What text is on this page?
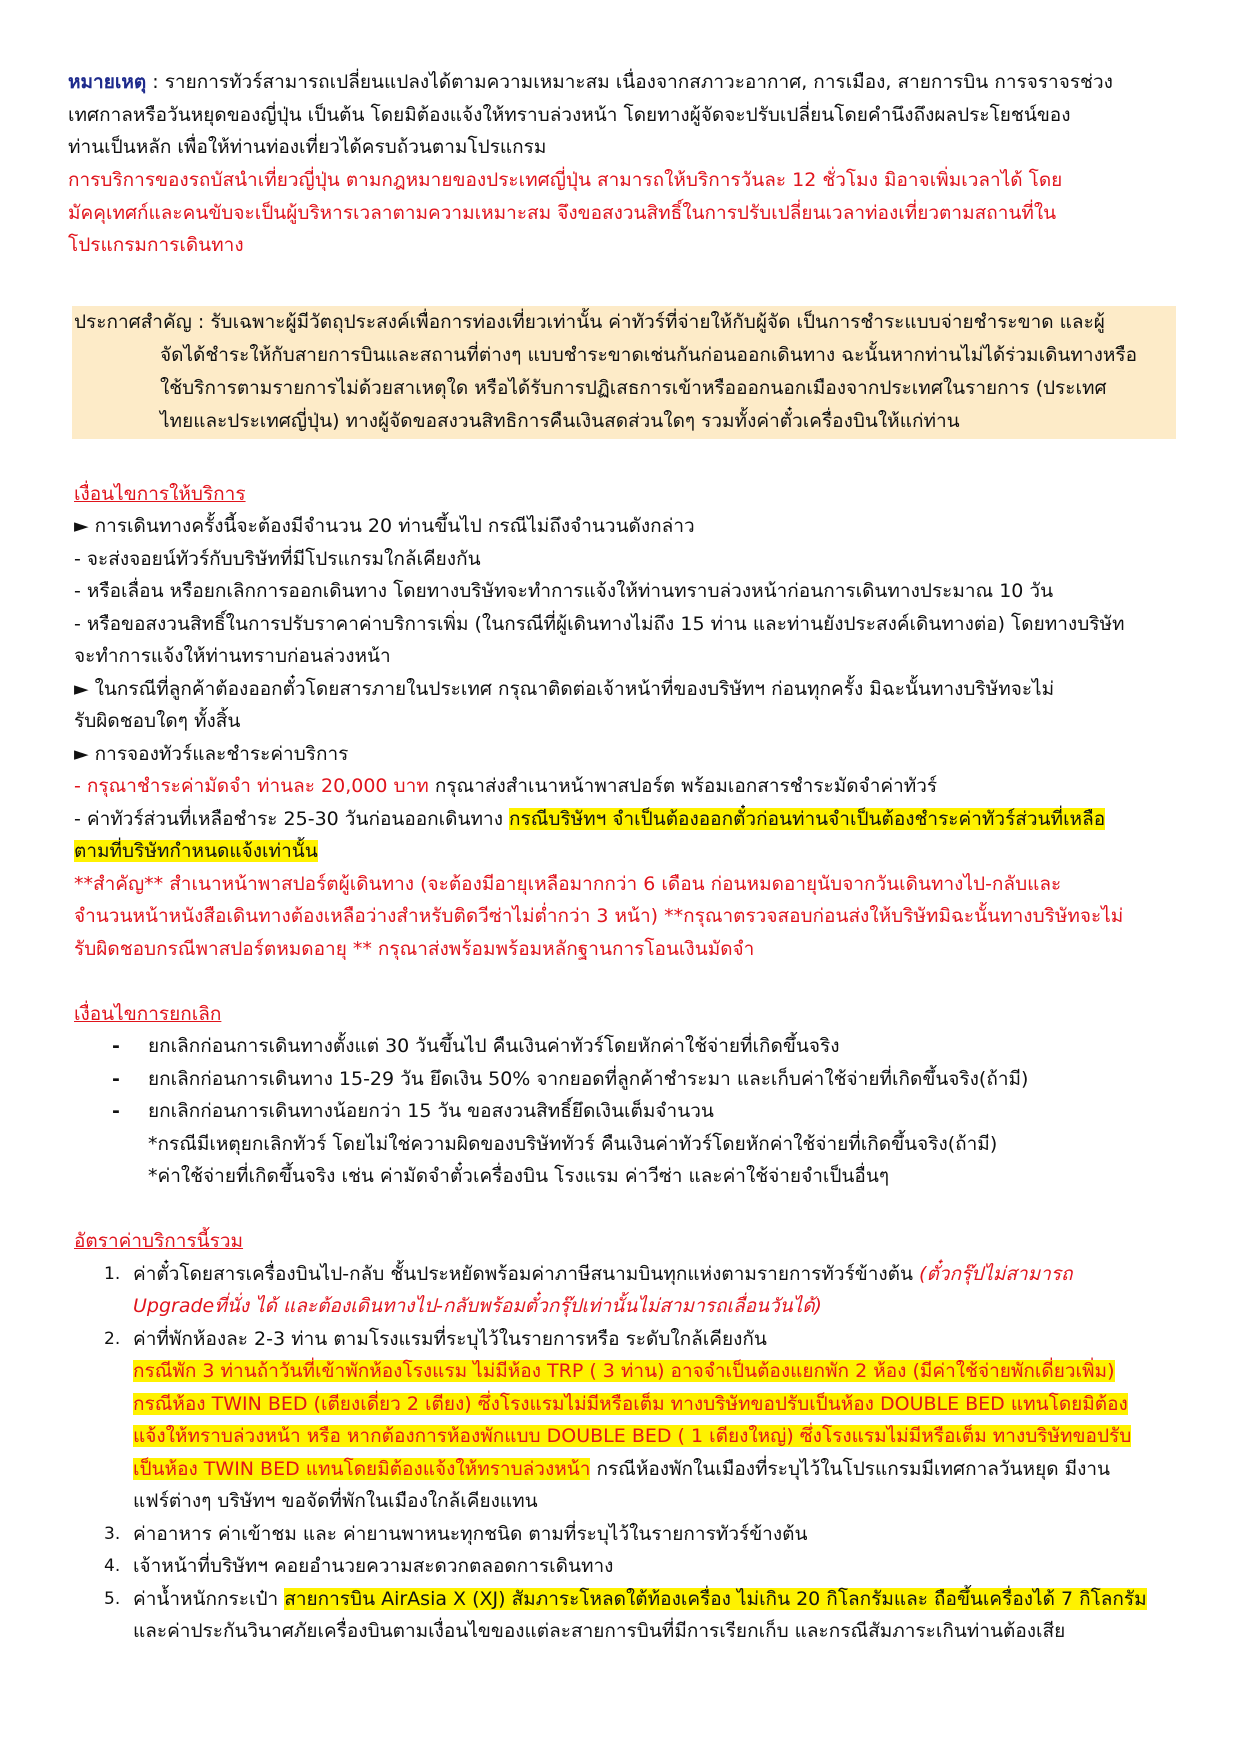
หมายเหตุ : รายการทัวร์สามารถเปลี่ยนแปลงได้ตามความเหมาะสม เนื่องจากสภาวะอากาศ, การเมือง, สายการบิน การจราจรช่วง
เทศกาลหรือวันหยุดของญี่ปุ่น เป็นต้น โดยมิต้องแจ้งให้ทราบล่วงหน้า โดยทางผู้จัดจะปรับเปลี่ยนโดยคำนึงถึงผลประโยชน์ของ
ท่านเป็นหลัก เพื่อให้ท่านท่องเที่ยวได้ครบถ้วนตามโปรแกรม
การบริการของรถบัสนำเที่ยวญี่ปุ่น ตามกฎหมายของประเทศญี่ปุ่น สามารถให้บริการวันละ 12 ชั่วโมง มิอาจเพิ่มเวลาได้ โดย
มัคคุเทศก์และคนขับจะเป็นผู้บริหารเวลาตามความเหมาะสม จึงขอสงวนสิทธิ์ในการปรับเปลี่ยนเวลาท่องเที่ยวตามสถานที่ใน
โปรแกรมการเดินทาง
ประกาศสำคัญ : รับเฉพาะผู้มีวัตถุประสงค์เพื่อการท่องเที่ยวเท่านั้น ค่าทัวร์ที่จ่ายให้กับผู้จัด เป็นการชำระแบบจ่ายชำระขาด และผู้
จัดได้ชำระให้กับสายการบินและสถานที่ต่างๆ แบบชำระขาดเช่นกันก่อนออกเดินทาง ฉะนั้นหากท่านไม่ได้ร่วมเดินทางหรือ
ใช้บริการตามรายการไม่ด้วยสาเหตุใด หรือได้รับการปฏิเสธการเข้าหรือออกนอกเมืองจากประเทศในรายการ (ประเทศ
ไทยและประเทศญี่ปุ่น) ทางผู้จัดขอสงวนสิทธิการคืนเงินสดส่วนใดๆ รวมทั้งค่าตั๋วเครื่องบินให้แก่ท่าน
เงื่อนไขการให้บริการ
► การเดินทางครั้งนี้จะต้องมีจำนวน 20 ท่านขึ้นไป กรณีไม่ถึงจำนวนดังกล่าว
- จะส่งจอยน์ทัวร์กับบริษัทที่มีโปรแกรมใกล้เคียงกัน
- หรือเลื่อน หรือยกเลิกการออกเดินทาง โดยทางบริษัทจะทำการแจ้งให้ท่านทราบล่วงหน้าก่อนการเดินทางประมาณ 10 วัน
- หรือขอสงวนสิทธิ์ในการปรับราคาค่าบริการเพิ่ม (ในกรณีที่ผู้เดินทางไม่ถึง 15 ท่าน และท่านยังประสงค์เดินทางต่อ) โดยทางบริษัท
จะทำการแจ้งให้ท่านทราบก่อนล่วงหน้า
► ในกรณีที่ลูกค้าต้องออกตั๋วโดยสารภายในประเทศ กรุณาติดต่อเจ้าหน้าที่ของบริษัทฯ ก่อนทุกครั้ง มิฉะนั้นทางบริษัทจะไม่
รับผิดชอบใดๆ ทั้งสิ้น
► การจองทัวร์และชำระค่าบริการ
- กรุณาชำระค่ามัดจำ ท่านละ 20,000 บาท กรุณาส่งสำเนาหน้าพาสปอร์ต พร้อมเอกสารชำระมัดจำค่าทัวร์
- ค่าทัวร์ส่วนที่เหลือชำระ 25-30 วันก่อนออกเดินทาง กรณีบริษัทฯ จำเป็นต้องออกตั๋วก่อนท่านจำเป็นต้องชำระค่าทัวร์ส่วนที่เหลือ
ตามที่บริษัทกำหนดแจ้งเท่านั้น
**สำคัญ** สำเนาหน้าพาสปอร์ตผู้เดินทาง (จะต้องมีอายุเหลือมากกว่า 6 เดือน ก่อนหมดอายุนับจากวันเดินทางไป-กลับและ
จำนวนหน้าหนังสือเดินทางต้องเหลือว่างสำหรับติดวีซ่าไม่ต่ำกว่า 3 หน้า) **กรุณาตรวจสอบก่อนส่งให้บริษัทมิฉะนั้นทางบริษัทจะไม่
รับผิดชอบกรณีพาสปอร์ตหมดอายุ ** กรุณาส่งพร้อมพร้อมหลักฐานการโอนเงินมัดจำ
เงื่อนไขการยกเลิก
- ยกเลิกก่อนการเดินทางตั้งแต่ 30 วันขึ้นไป คืนเงินค่าทัวร์โดยหักค่าใช้จ่ายที่เกิดขึ้นจริง
- ยกเลิกก่อนการเดินทาง 15-29 วัน ยึดเงิน 50% จากยอดที่ลูกค้าชำระมา และเก็บค่าใช้จ่ายที่เกิดขึ้นจริง(ถ้ามี)
- ยกเลิกก่อนการเดินทางน้อยกว่า 15 วัน ขอสงวนสิทธิ์ยึดเงินเต็มจำนวน
*กรณีมีเหตุยกเลิกทัวร์ โดยไม่ใช่ความผิดของบริษัททัวร์ คืนเงินค่าทัวร์โดยหักค่าใช้จ่ายที่เกิดขึ้นจริง(ถ้ามี)
*ค่าใช้จ่ายที่เกิดขึ้นจริง เช่น ค่ามัดจำตั๋วเครื่องบิน โรงแรม ค่าวีซ่า และค่าใช้จ่ายจำเป็นอื่นๆ
อัตราค่าบริการนี้รวม
1. ค่าตั๋วโดยสารเครื่องบินไป-กลับ ชั้นประหยัดพร้อมค่าภาษีสนามบินทุกแห่งตามรายการทัวร์ข้างต้น (ตั๋วกรุ๊ปไม่สามารถ
Upgradeที่นั่ง ได้ และต้องเดินทางไป-กลับพร้อมตั๋วกรุ๊ปเท่านั้นไม่สามารถเลื่อนวันได้)
2. ค่าที่พักห้องละ 2-3 ท่าน ตามโรงแรมที่ระบุไว้ในรายการหรือ ระดับใกล้เคียงกัน
กรณีพัก 3 ท่านถ้าวันที่เข้าพักห้องโรงแรม ไม่มีห้อง TRP ( 3 ท่าน) อาจจำเป็นต้องแยกพัก 2 ห้อง (มีค่าใช้จ่ายพักเดี่ยวเพิ่ม)
กรณีห้อง TWIN BED (เตียงเดี่ยว 2 เตียง) ซึ่งโรงแรมไม่มีหรือเต็ม ทางบริษัทขอปรับเป็นห้อง DOUBLE BED แทนโดยมิต้อง
แจ้งให้ทราบล่วงหน้า หรือ หากต้องการห้องพักแบบ DOUBLE BED ( 1 เตียงใหญ่) ซึ่งโรงแรมไม่มีหรือเต็ม ทางบริษัทขอปรับ
เป็นห้อง TWIN BED แทนโดยมิต้องแจ้งให้ทราบล่วงหน้า กรณีห้องพักในเมืองที่ระบุไว้ในโปรแกรมมีเทศกาลวันหยุด มีงาน
แฟร์ต่างๆ บริษัทฯ ขอจัดที่พักในเมืองใกล้เคียงแทน
3. ค่าอาหาร ค่าเข้าชม และ ค่ายานพาหนะทุกชนิด ตามที่ระบุไว้ในรายการทัวร์ข้างต้น
4. เจ้าหน้าที่บริษัทฯ คอยอำนวยความสะดวกตลอดการเดินทาง
5. ค่าน้ำหนักกระเป๋า สายการบิน AirAsia X (XJ) สัมภาระโหลดใต้ท้องเครื่อง ไม่เกิน 20 กิโลกรัมและ ถือขึ้นเครื่องได้ 7 กิโลกรัม
และค่าประกันวินาศภัยเครื่องบินตามเงื่อนไขของแต่ละสายการบินที่มีการเรียกเก็บ และกรณีสัมภาระเกินท่านต้องเสีย
